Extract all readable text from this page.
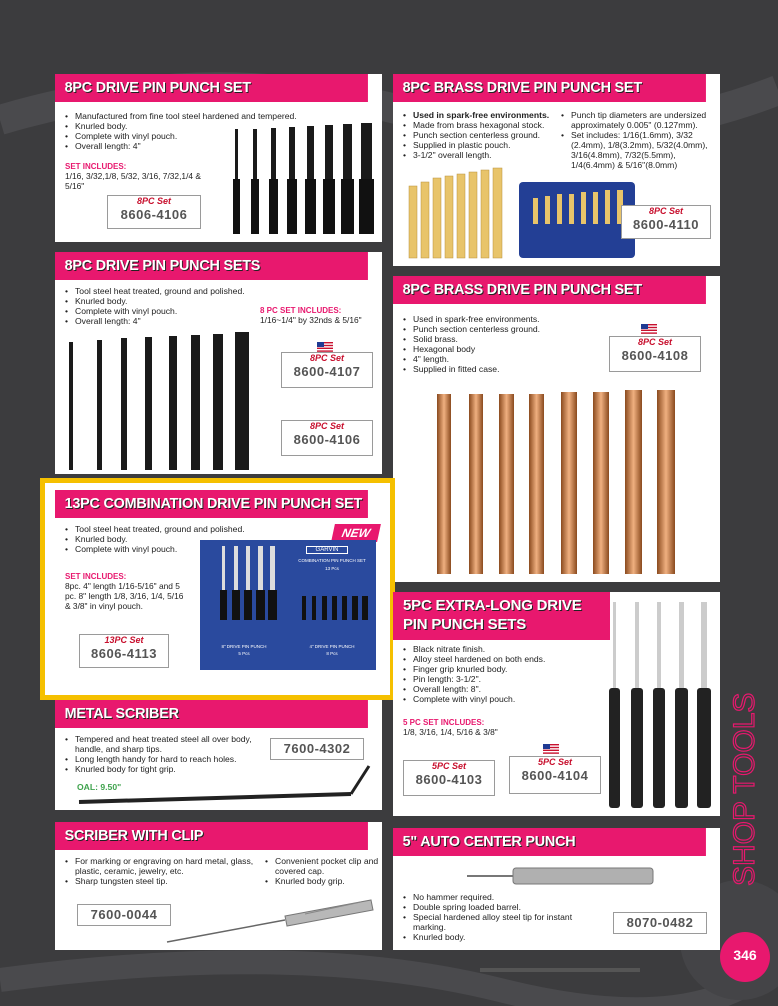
8PC DRIVE PIN PUNCH SET
• Manufactured from fine tool steel hardened and tempered.
• Knurled body.
• Complete with vinyl pouch.
• Overall length: 4"
SET INCLUDES:
1/16, 3/32,1/8, 5/32, 3/16, 7/32,1/4 & 5/16"
8PC Set
8606-4106
8PC BRASS DRIVE PIN PUNCH SET
• Used in spark-free environments.
• Made from brass hexagonal stock.
• Punch section centerless ground.
• Supplied in plastic pouch.
• 3-1/2" overall length.
• Punch tip diameters are undersized approximately 0.005" (0.127mm).
• Set includes: 1/16(1.6mm), 3/32 (2.4mm), 1/8(3.2mm), 5/32(4.0mm), 3/16(4.8mm), 7/32(5.5mm), 1/4(6.4mm) & 5/16"(8.0mm)
8PC Set
8600-4110
8PC DRIVE PIN PUNCH SETS
• Tool steel heat treated, ground and polished.
• Knurled body.
• Complete with vinyl pouch.
• Overall length: 4"
8 PC SET INCLUDES:
1/16~1/4" by 32nds & 5/16"
8PC Set
8600-4107
8PC Set
8600-4106
8PC BRASS DRIVE PIN PUNCH SET
• Used in spark-free environments.
• Punch section centerless ground.
• Solid brass.
• Hexagonal body
• 4" length.
• Supplied in fitted case.
8PC Set
8600-4108
13PC COMBINATION DRIVE PIN PUNCH SET
NEW
• Tool steel heat treated, ground and polished.
• Knurled body.
• Complete with vinyl pouch.
SET INCLUDES:
8pc. 4" length 1/16-5/16" and 5 pc. 8" length 1/8, 3/16, 1/4, 5/16 & 3/8" in vinyl pouch.
13PC Set
8606-4113
GARVIN
COMBINATION PIN PUNCH SET
13 Pcs
8" DRIVE PIN PUNCH
5 Pcs
4" DRIVE PIN PUNCH
8 Pcs
5PC EXTRA-LONG DRIVE
PIN PUNCH SETS
• Black nitrate finish.
• Alloy steel hardened on both ends.
• Finger grip knurled body.
• Pin length: 3-1/2".
• Overall length: 8".
• Complete with vinyl pouch.
5 PC SET INCLUDES:
1/8, 3/16, 1/4, 5/16 & 3/8"
5PC Set
8600-4103
5PC Set
8600-4104
METAL SCRIBER
• Tempered and heat treated steel all over body, handle, and sharp tips.
• Long length handy for hard to reach holes.
• Knurled body for tight grip.
OAL: 9.50"
7600-4302
SCRIBER WITH CLIP
• For marking or engraving on hard metal, glass, plastic, ceramic, jewelry, etc.
• Sharp tungsten steel tip.
• Convenient pocket clip and covered cap.
• Knurled body grip.
7600-0044
5" AUTO CENTER PUNCH
• No hammer required.
• Double spring loaded barrel.
• Special hardened alloy steel tip for instant marking.
• Knurled body.
8070-0482
SHOP TOOLS
346
